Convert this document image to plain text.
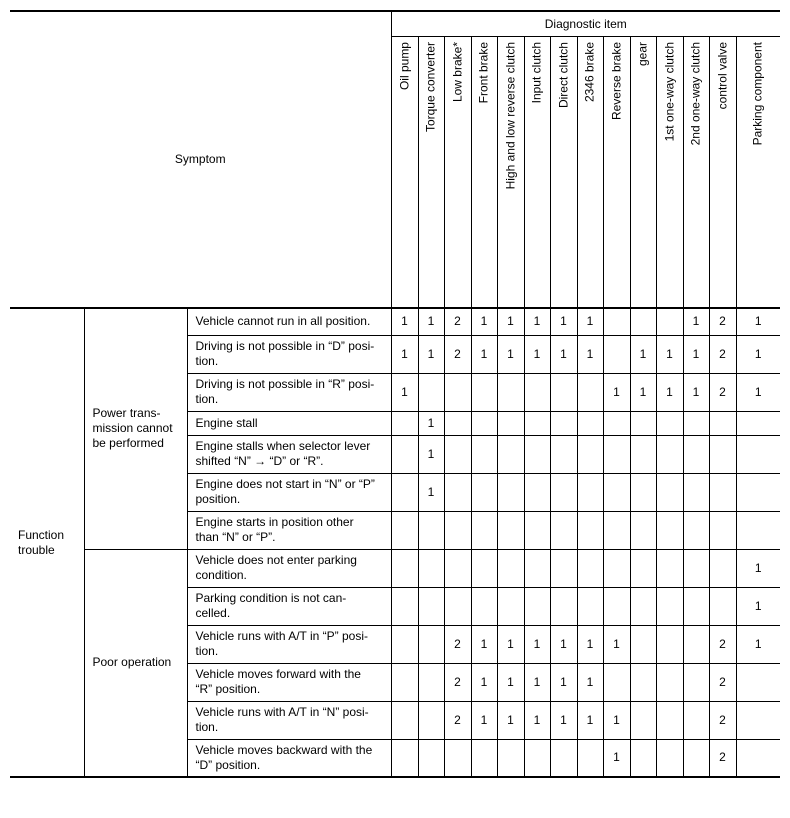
Symptom			Diagnostic item													

			Oil pump	Torque converter	Low brake*	Front brake	High and low reverse clutch	Input clutch	Direct clutch	2346 brake	Reverse brake	gear	1st one-way clutch	2nd one-way clutch	control valve	Parking component

Function
trouble	Power trans-
mission cannot
be performed	Vehicle cannot run in all position.	1	1	2	1	1	1	1	1				1	2	1
		Driving is not possible in “D” posi-
tion.	1	1	2	1	1	1	1	1		1	1	1	2	1
		Driving is not possible in “R” posi-
tion.	1								1	1	1	1	2	1
		Engine stall		1												
		Engine stalls when selector lever
shifted “N” → “D” or “R”.		1												
		Engine does not start in “N” or “P”
position.		1												
		Engine starts in position other
than “N” or “P”.														
	Poor operation	Vehicle does not enter parking
condition.														1
		Parking condition is not can-
celled.														1
		Vehicle runs with A/T in “P” posi-
tion.			2	1	1	1	1	1	1				2	1
		Vehicle moves forward with the
“R” position.			2	1	1	1	1	1					2	
		Vehicle runs with A/T in “N” posi-
tion.			2	1	1	1	1	1	1				2	
		Vehicle moves backward with the
“D” position.									1				2	
